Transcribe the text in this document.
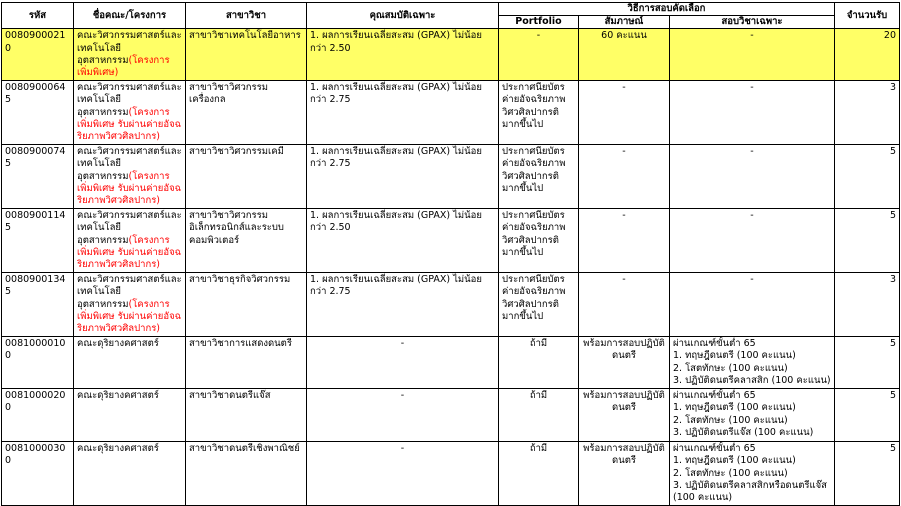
รหัส	ชื่อคณะ/โครงการ	สาขาวิชา	คุณสมบัติเฉพาะ	วิธีการสอบคัดเลือก			จำนวนรับ
				Portfolio	สัมภาษณ์	สอบวิชาเฉพาะ	
00809000210	คณะวิศวกรรมศาสตร์และเทคโนโลยีอุตสาหกรรม(โครงการเพิ่มพิเศษ)	สาขาวิชาเทคโนโลยีอาหาร	1. ผลการเรียนเฉลี่ยสะสม (GPAX) ไม่น้อยกว่า 2.50	-	60 คะแนน	-	20
00809000645	คณะวิศวกรรมศาสตร์และเทคโนโลยีอุตสาหกรรม(โครงการเพิ่มพิเศษ รับผ่านค่ายอัจฉริยภาพวิศวศิลปากร)	สาขาวิชาวิศวกรรมเครื่องกล	1. ผลการเรียนเฉลี่ยสะสม (GPAX) ไม่น้อยกว่า 2.75	ประกาศนียบัตรค่ายอัจฉริยภาพวิศวศิลปากรติมากขึ้นไป	-	-	3
00809000745	คณะวิศวกรรมศาสตร์และเทคโนโลยีอุตสาหกรรม(โครงการเพิ่มพิเศษ รับผ่านค่ายอัจฉริยภาพวิศวศิลปากร)	สาขาวิชาวิศวกรรมเคมี	1. ผลการเรียนเฉลี่ยสะสม (GPAX) ไม่น้อยกว่า 2.75	ประกาศนียบัตรค่ายอัจฉริยภาพวิศวศิลปากรติมากขึ้นไป	-	-	5
00809001145	คณะวิศวกรรมศาสตร์และเทคโนโลยีอุตสาหกรรม(โครงการเพิ่มพิเศษ รับผ่านค่ายอัจฉริยภาพวิศวศิลปากร)	สาขาวิชาวิศวกรรมอิเล็กทรอนิกส์และระบบคอมพิวเตอร์	1. ผลการเรียนเฉลี่ยสะสม (GPAX) ไม่น้อยกว่า 2.50	ประกาศนียบัตรค่ายอัจฉริยภาพวิศวศิลปากรติมากขึ้นไป	-	-	5
00809001345	คณะวิศวกรรมศาสตร์และเทคโนโลยีอุตสาหกรรม(โครงการเพิ่มพิเศษ รับผ่านค่ายอัจฉริยภาพวิศวศิลปากร)	สาขาวิชาธุรกิจวิศวกรรม	1. ผลการเรียนเฉลี่ยสะสม (GPAX) ไม่น้อยกว่า 2.75	ประกาศนียบัตรค่ายอัจฉริยภาพวิศวศิลปากรติมากขึ้นไป	-	-	3
00810000100	คณะดุริยางคศาสตร์	สาขาวิชาการแสดงดนตรี	-	ถ้ามี	พร้อมการสอบปฏิบัติดนตรี	ผ่านเกณฑ์ขั้นต่ำ 65
1. ทฤษฎีดนตรี (100 คะแนน)
2. โสตทักษะ (100 คะแนน)
3. ปฏิบัติดนตรีคลาสสิก (100 คะแนน)	5
00810000200	คณะดุริยางคศาสตร์	สาขาวิชาดนตรีแจ๊ส	-	ถ้ามี	พร้อมการสอบปฏิบัติดนตรี	ผ่านเกณฑ์ขั้นต่ำ 65
1. ทฤษฎีดนตรี (100 คะแนน)
2. โสตทักษะ (100 คะแนน)
3. ปฏิบัติดนตรีแจ๊ส (100 คะแนน)	5
00810000300	คณะดุริยางคศาสตร์	สาขาวิชาดนตรีเชิงพาณิชย์	-	ถ้ามี	พร้อมการสอบปฏิบัติดนตรี	ผ่านเกณฑ์ขั้นต่ำ 65
1. ทฤษฎีดนตรี (100 คะแนน)
2. โสตทักษะ (100 คะแนน)
3. ปฏิบัติดนตรีคลาสสิกหรือดนตรีแจ๊ส (100 คะแนน)	5
